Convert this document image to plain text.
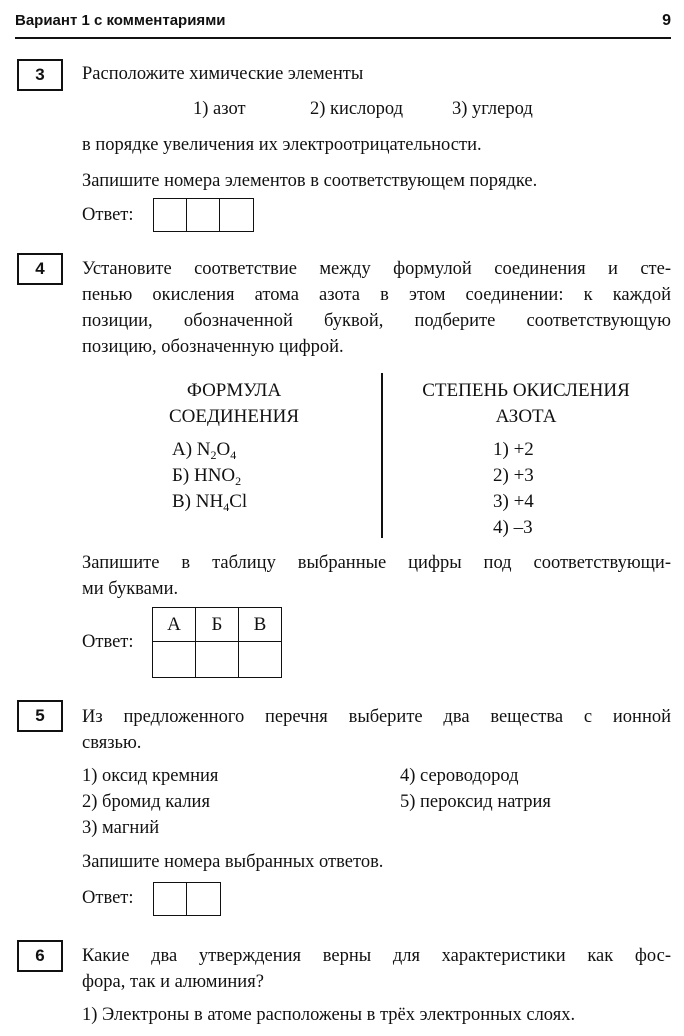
Вариант 1 с комментариями	9
3	Расположите химические элементы
1) азот	2) кислород	3) углерод
в порядке увеличения их электроотрицательности.
Запишите номера элементов в соответствующем порядке.
Ответ:
4	Установите соответствие между формулой соединения и сте-
пенью окисления атома азота в этом соединении: к каждой
позиции, обозначенной буквой, подберите соответствующую
позицию, обозначенную цифрой.
ФОРМУЛА
СОЕДИНЕНИЯ
А) $N_2O_4$
Б) $HNO_2$
В) $NH_4Cl$
СТЕПЕНЬ ОКИСЛЕНИЯ
АЗОТА
1) +2
2) +3
3) +4
4) –3
Запишите в таблицу выбранные цифры под соответствующи-
ми буквами.
Ответ:
А	Б	В

5	Из предложенного перечня выберите два вещества с ионной
связью.
1) оксид кремния
2) бромид калия
3) магний
4) сероводород
5) пероксид натрия
Запишите номера выбранных ответов.
Ответ:
6	Какие два утверждения верны для характеристики как фос-
фора, так и алюминия?
1) Электроны в атоме расположены в трёх электронных слоях.
